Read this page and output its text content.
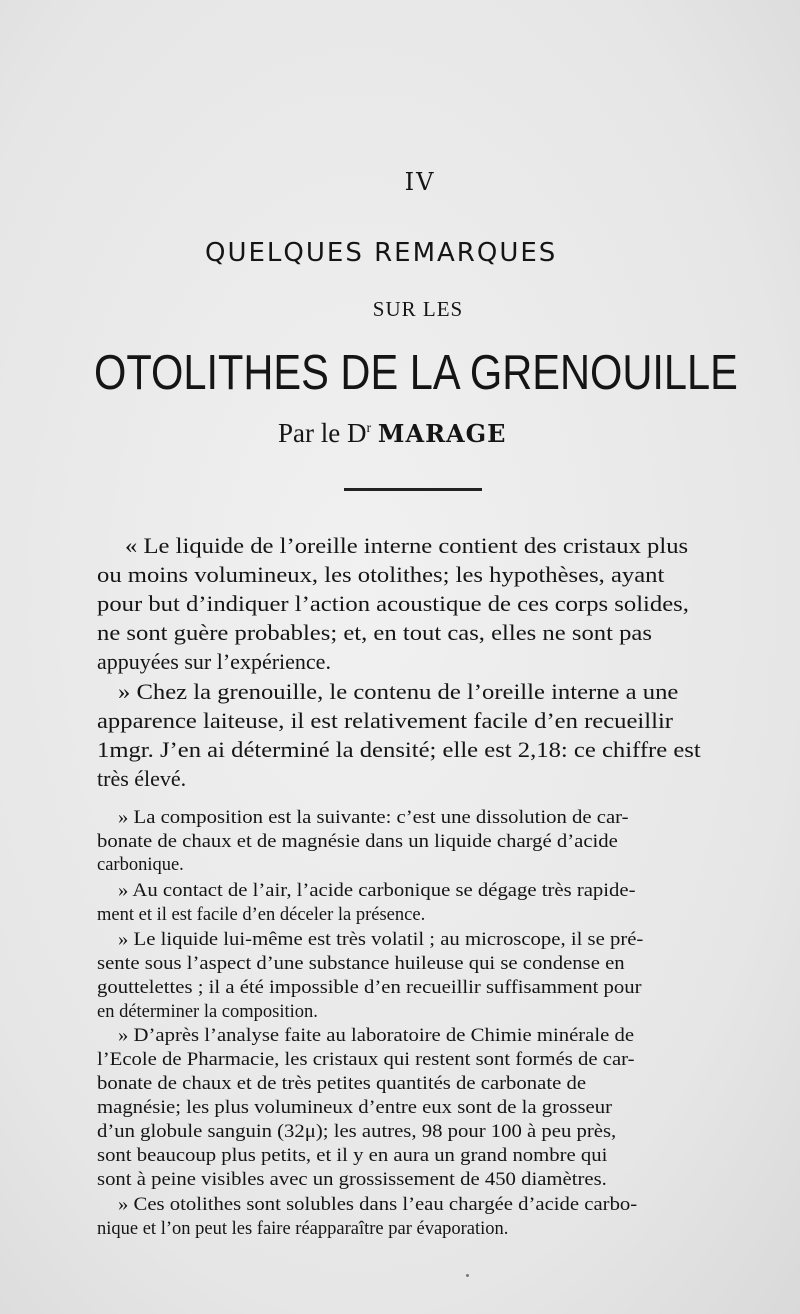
IV
QUELQUES REMARQUES
SUR LES
OTOLITHES DE LA GRENOUILLE
Par le $D^r$ MARAGE
« Le liquide de l’oreille interne contient des cristaux plus
ou moins volumineux, les otolithes; les hypothèses, ayant
pour but d’indiquer l’action acoustique de ces corps solides,
ne sont guère probables; et, en tout cas, elles ne sont pas
appuyées sur l’expérience.
» Chez la grenouille, le contenu de l’oreille interne a une
apparence laiteuse, il est relativement facile d’en recueillir
1mgr. J’en ai déterminé la densité; elle est 2,18: ce chiffre est
très élevé.
» La composition est la suivante: c’est une dissolution de car-
bonate de chaux et de magnésie dans un liquide chargé d’acide
carbonique.
» Au contact de l’air, l’acide carbonique se dégage très rapide-
ment et il est facile d’en déceler la présence.
» Le liquide lui-même est très volatil ; au microscope, il se pré-
sente sous l’aspect d’une substance huileuse qui se condense en
gouttelettes ; il a été impossible d’en recueillir suffisamment pour
en déterminer la composition.
» D’après l’analyse faite au laboratoire de Chimie minérale de
l’Ecole de Pharmacie, les cristaux qui restent sont formés de car-
bonate de chaux et de très petites quantités de carbonate de
magnésie; les plus volumineux d’entre eux sont de la grosseur
d’un globule sanguin (32μ); les autres, 98 pour 100 à peu près,
sont beaucoup plus petits, et il y en aura un grand nombre qui
sont à peine visibles avec un grossissement de 450 diamètres.
» Ces otolithes sont solubles dans l’eau chargée d’acide carbo-
nique et l’on peut les faire réapparaître par évaporation.
